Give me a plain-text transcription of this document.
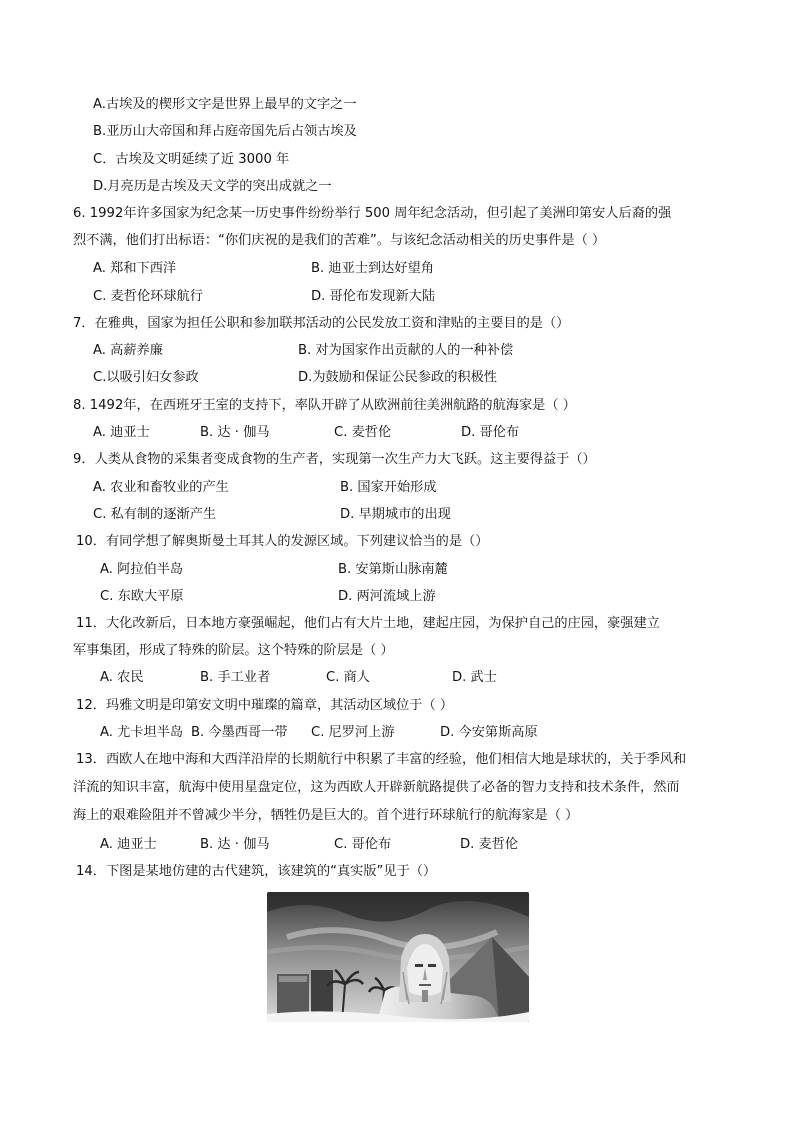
A.古埃及的楔形文字是世界上最早的文字之一
B.亚历山大帝国和拜占庭帝国先后占领古埃及
C．古埃及文明延续了近 3000 年
D.月亮历是古埃及天文学的突出成就之一
6. 1992年许多国家为纪念某一历史事件纷纷举行 500 周年纪念活动，但引起了美洲印第安人后裔的强
烈不满，他们打出标语：“你们庆祝的是我们的苦难”。与该纪念活动相关的历史事件是（ ）
A. 郑和下西洋	B. 迪亚士到达好望角
C. 麦哲伦环球航行	D. 哥伦布发现新大陆
7．在雅典，国家为担任公职和参加联邦活动的公民发放工资和津贴的主要目的是（）
A. 高薪养廉	B. 对为国家作出贡献的人的一种补偿
C.以吸引妇女参政	D.为鼓励和保证公民参政的积极性
8. 1492年，在西班牙王室的支持下，率队开辟了从欧洲前往美洲航路的航海家是（ ）
A. 迪亚士	B. 达 · 伽马	C. 麦哲伦	D. 哥伦布
9．人类从食物的采集者变成食物的生产者，实现第一次生产力大飞跃。这主要得益于（）
A. 农业和畜牧业的产生	B. 国家开始形成
C. 私有制的逐渐产生	D. 早期城市的出现
10．有同学想了解奥斯曼土耳其人的发源区域。下列建议恰当的是（）
A. 阿拉伯半岛	B. 安第斯山脉南麓
C. 东欧大平原	D. 两河流域上游
11．大化改新后，日本地方豪强崛起，他们占有大片土地，建起庄园，为保护自己的庄园，豪强建立
军事集团，形成了特殊的阶层。这个特殊的阶层是（ ）
A. 农民	B. 手工业者	C. 商人	D. 武士
12．玛雅文明是印第安文明中璀璨的篇章，其活动区域位于（ ）
A. 尤卡坦半岛 B. 今墨西哥一带 C. 尼罗河上游	D. 今安第斯高原
13．西欧人在地中海和大西洋沿岸的长期航行中积累了丰富的经验，他们相信大地是球状的，关于季风和
洋流的知识丰富，航海中使用星盘定位，这为西欧人开辟新航路提供了必备的智力支持和技术条件，然而
海上的艰难险阻并不曾减少半分，牺牲仍是巨大的。首个进行环球航行的航海家是（ ）
A. 迪亚士	B. 达 · 伽马	C. 哥伦布	D. 麦哲伦
14．下图是某地仿建的古代建筑，该建筑的“真实版”见于（）
